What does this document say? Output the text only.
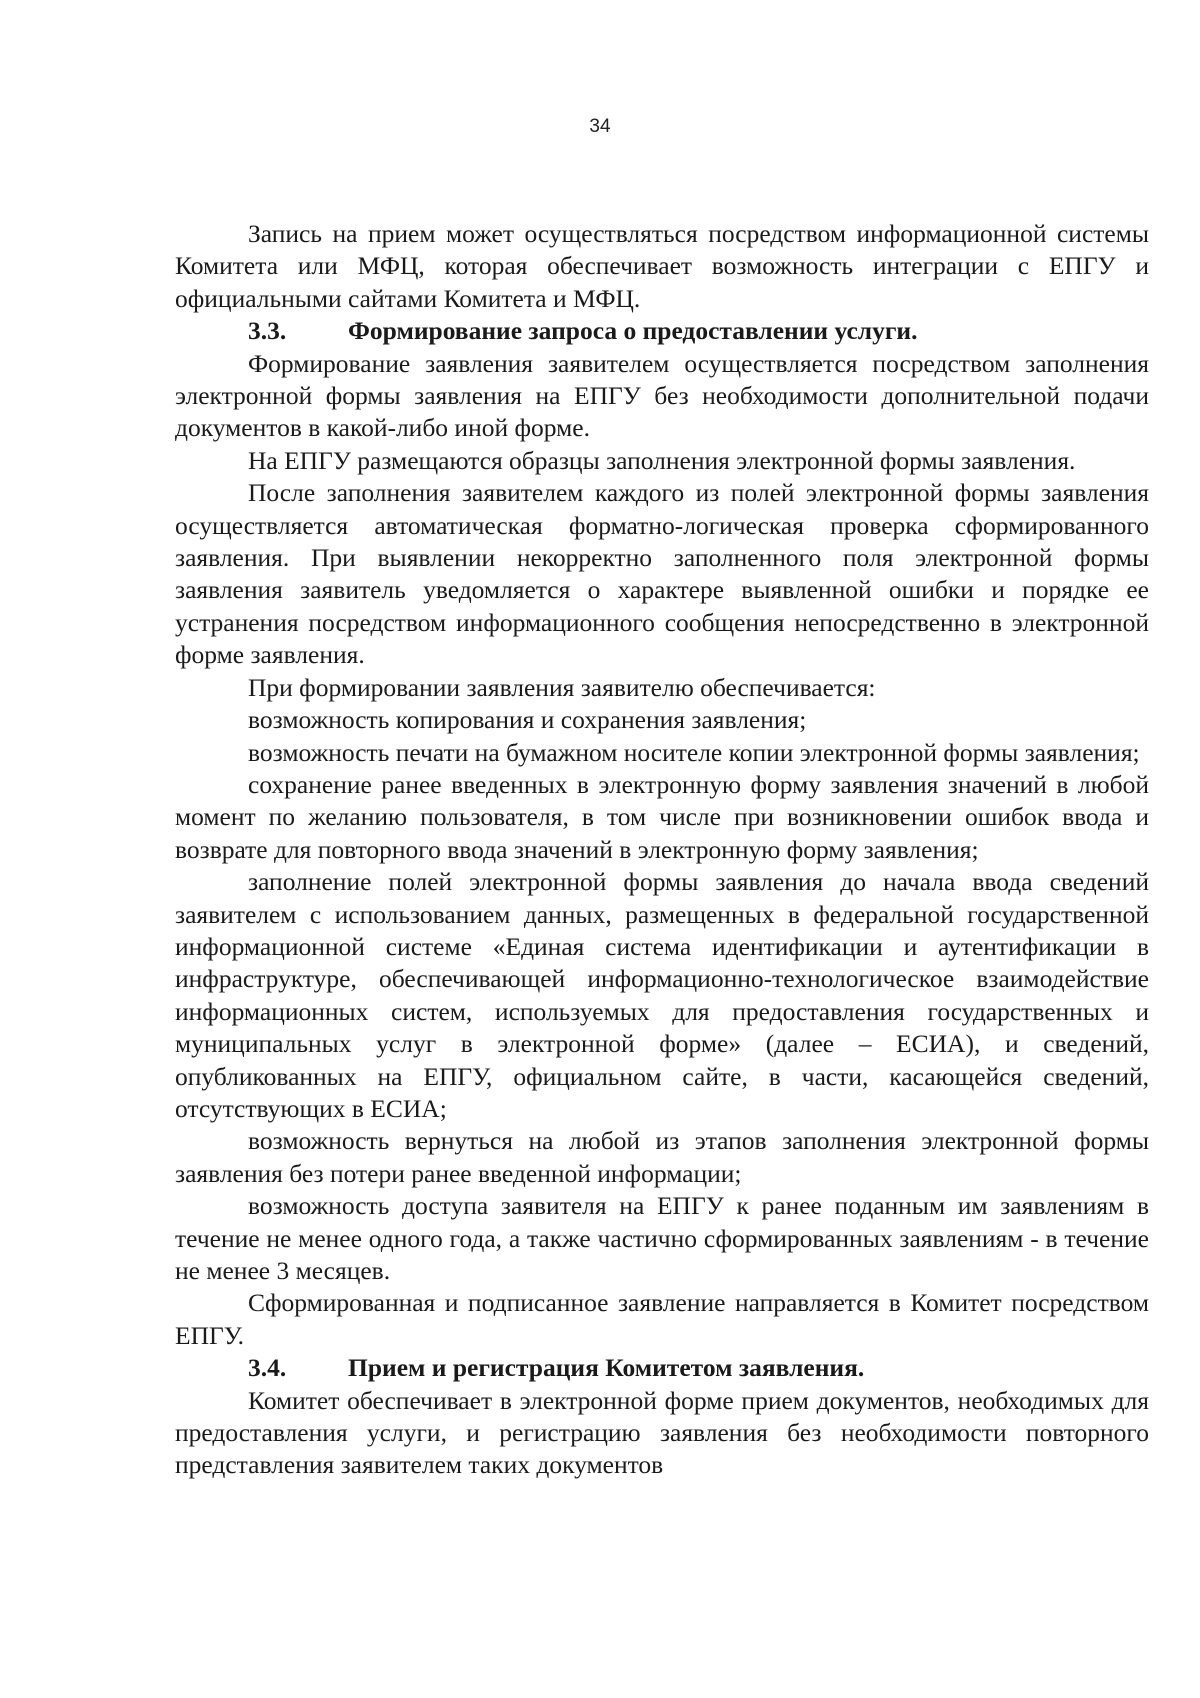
34

Запись на прием может осуществляться посредством информационной системы Комитета или МФЦ, которая обеспечивает возможность интеграции с ЕПГУ и официальными сайтами Комитета и МФЦ.

3.3. Формирование запроса о предоставлении услуги.

Формирование заявления заявителем осуществляется посредством заполнения электронной формы заявления на ЕПГУ без необходимости дополнительной подачи документов в какой-либо иной форме.

На ЕПГУ размещаются образцы заполнения электронной формы заявления.

После заполнения заявителем каждого из полей электронной формы заявления осуществляется автоматическая форматно-логическая проверка сформированного заявления. При выявлении некорректно заполненного поля электронной формы заявления заявитель уведомляется о характере выявленной ошибки и порядке ее устранения посредством информационного сообщения непосредственно в электронной форме заявления.

При формировании заявления заявителю обеспечивается:

возможность копирования и сохранения заявления;

возможность печати на бумажном носителе копии электронной формы заявления;

сохранение ранее введенных в электронную форму заявления значений в любой момент по желанию пользователя, в том числе при возникновении ошибок ввода и возврате для повторного ввода значений в электронную форму заявления;

заполнение полей электронной формы заявления до начала ввода сведений заявителем с использованием данных, размещенных в федеральной государственной информационной системе «Единая система идентификации и аутентификации в инфраструктуре, обеспечивающей информационно-технологическое взаимодействие информационных систем, используемых для предоставления государственных и муниципальных услуг в электронной форме» (далее – ЕСИА), и сведений, опубликованных на ЕПГУ, официальном сайте, в части, касающейся сведений, отсутствующих в ЕСИА;

возможность вернуться на любой из этапов заполнения электронной формы заявления без потери ранее введенной информации;

возможность доступа заявителя на ЕПГУ к ранее поданным им заявлениям в течение не менее одного года, а также частично сформированных заявлениям - в течение не менее 3 месяцев.

Сформированная и подписанное заявление направляется в Комитет посредством ЕПГУ.

3.4. Прием и регистрация Комитетом заявления.

Комитет обеспечивает в электронной форме прием документов, необходимых для предоставления услуги, и регистрацию заявления без необходимости повторного представления заявителем таких документов
